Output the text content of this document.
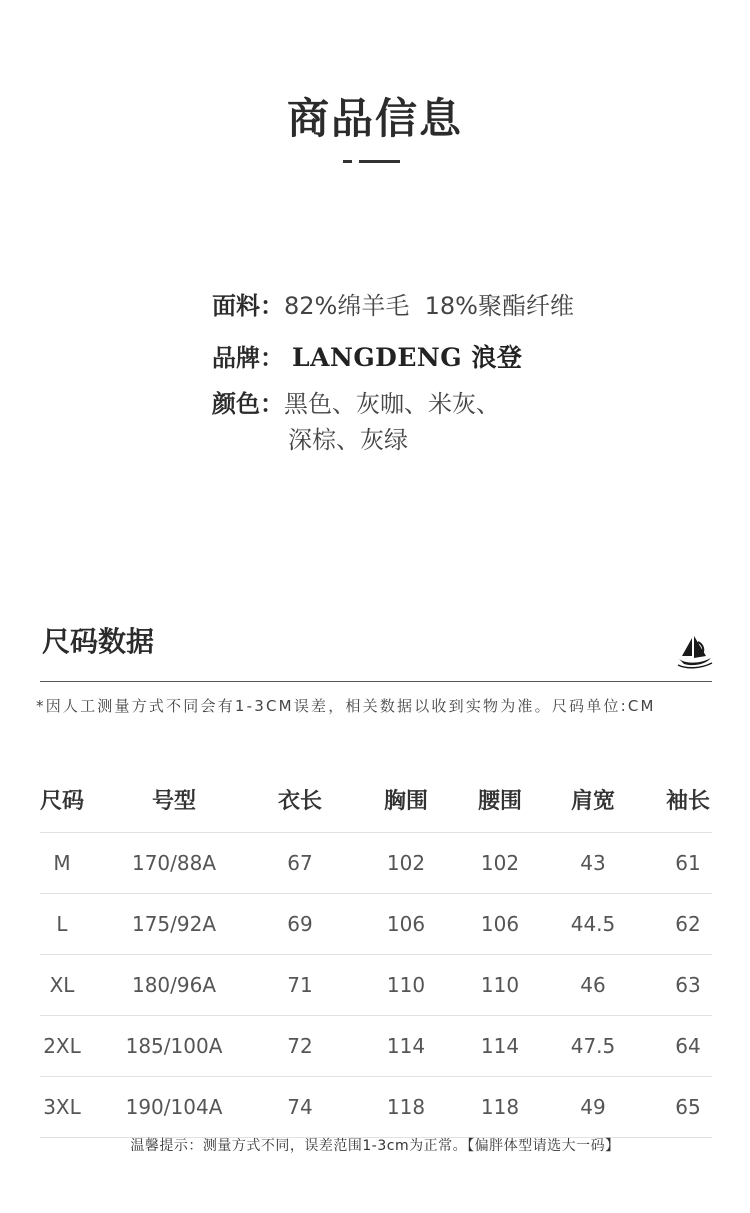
商品信息
面料：82%绵羊毛  18%聚酯纤维
品牌： LANGDENG 浪登
颜色：黑色、灰咖、米灰、
深棕、灰绿
尺码数据
*因人工测量方式不同会有1-3CM误差，相关数据以收到实物为准。尺码单位:CM
尺码	号型	衣长	胸围	腰围	肩宽	袖长
M	170/88A	67	102	102	43	61
L	175/92A	69	106	106	44.5	62
XL	180/96A	71	110	110	46	63
2XL	185/100A	72	114	114	47.5	64
3XL	190/104A	74	118	118	49	65
温馨提示：测量方式不同，误差范围1-3cm为正常。【偏胖体型请选大一码】
